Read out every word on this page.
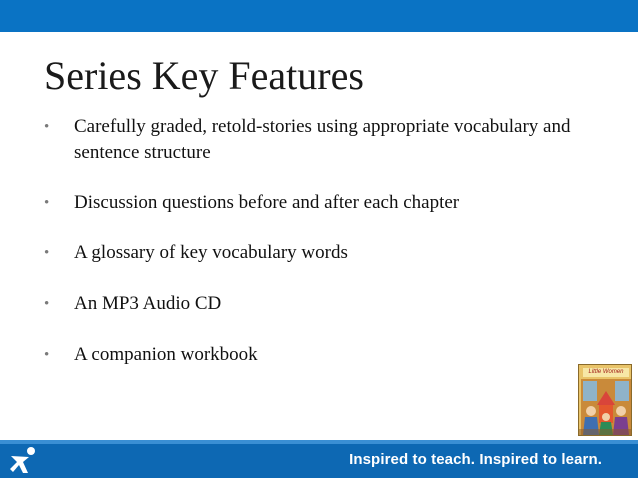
Series Key Features
• Carefully graded, retold-stories using appropriate vocabulary and sentence structure
• Discussion questions before and after each chapter
• A glossary of key vocabulary words
• An MP3 Audio CD
• A companion workbook
Little Women
Inspired to teach. Inspired to learn.
